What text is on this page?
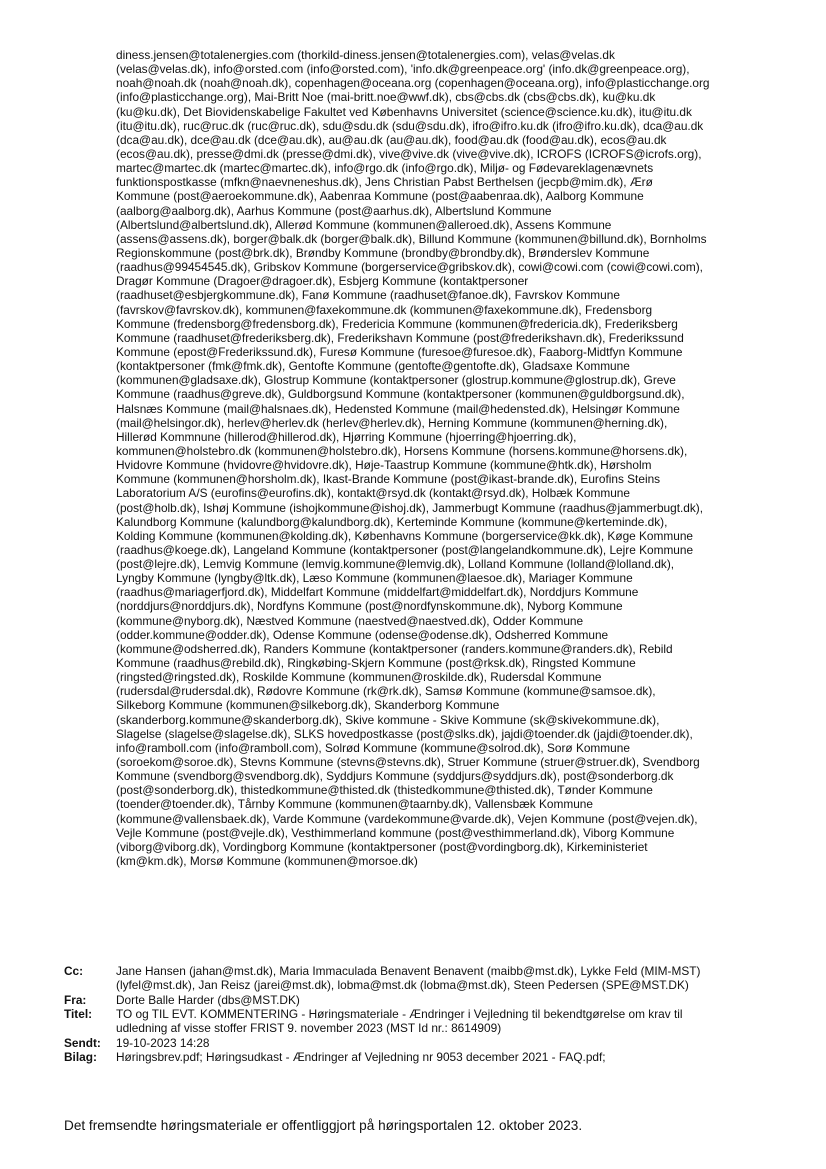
diness.jensen@totalenergies.com (thorkild-diness.jensen@totalenergies.com), velas@velas.dk
(velas@velas.dk), info@orsted.com (info@orsted.com), 'info.dk@greenpeace.org' (info.dk@greenpeace.org),
noah@noah.dk (noah@noah.dk), copenhagen@oceana.org (copenhagen@oceana.org), info@plasticchange.org
(info@plasticchange.org), Mai-Britt Noe (mai-britt.noe@wwf.dk), cbs@cbs.dk (cbs@cbs.dk), ku@ku.dk
(ku@ku.dk), Det Biovidenskabelige Fakultet ved Københavns Universitet (science@science.ku.dk), itu@itu.dk
(itu@itu.dk), ruc@ruc.dk (ruc@ruc.dk), sdu@sdu.dk (sdu@sdu.dk), ifro@ifro.ku.dk (ifro@ifro.ku.dk), dca@au.dk
(dca@au.dk), dce@au.dk (dce@au.dk), au@au.dk (au@au.dk), food@au.dk (food@au.dk), ecos@au.dk
(ecos@au.dk), presse@dmi.dk (presse@dmi.dk), vive@vive.dk (vive@vive.dk), ICROFS (ICROFS@icrofs.org),
martec@martec.dk (martec@martec.dk), info@rgo.dk (info@rgo.dk), Miljø- og Fødevareklagenævnets
funktionspostkasse (mfkn@naevneneshus.dk), Jens Christian Pabst Berthelsen (jecpb@mim.dk), Ærø
Kommune (post@aeroekommune.dk), Aabenraa Kommune (post@aabenraa.dk), Aalborg Kommune
(aalborg@aalborg.dk), Aarhus Kommune (post@aarhus.dk), Albertslund Kommune
(Albertslund@albertslund.dk), Allerød Kommune (kommunen@alleroed.dk), Assens Kommune
(assens@assens.dk), borger@balk.dk (borger@balk.dk), Billund Kommune (kommunen@billund.dk), Bornholms
Regionskommune (post@brk.dk), Brøndby Kommune (brondby@brondby.dk), Brønderslev Kommune
(raadhus@99454545.dk), Gribskov Kommune (borgerservice@gribskov.dk), cowi@cowi.com (cowi@cowi.com),
Dragør Kommune (Dragoer@dragoer.dk), Esbjerg Kommune (kontaktpersoner
(raadhuset@esbjergkommune.dk), Fanø Kommune (raadhuset@fanoe.dk), Favrskov Kommune
(favrskov@favrskov.dk), kommunen@faxekommune.dk (kommunen@faxekommune.dk), Fredensborg
Kommune (fredensborg@fredensborg.dk), Fredericia Kommune (kommunen@fredericia.dk), Frederiksberg
Kommune (raadhuset@frederiksberg.dk), Frederikshavn Kommune (post@frederikshavn.dk), Frederikssund
Kommune (epost@Frederikssund.dk), Furesø Kommune (furesoe@furesoe.dk), Faaborg-Midtfyn Kommune
(kontaktpersoner (fmk@fmk.dk), Gentofte Kommune (gentofte@gentofte.dk), Gladsaxe Kommune
(kommunen@gladsaxe.dk), Glostrup Kommune (kontaktpersoner (glostrup.kommune@glostrup.dk), Greve
Kommune (raadhus@greve.dk), Guldborgsund Kommune (kontaktpersoner (kommunen@guldborgsund.dk),
Halsnæs Kommune (mail@halsnaes.dk), Hedensted Kommune (mail@hedensted.dk), Helsingør Kommune
(mail@helsingor.dk), herlev@herlev.dk (herlev@herlev.dk), Herning Kommune (kommunen@herning.dk),
Hillerød Kommnune (hillerod@hillerod.dk), Hjørring Kommune (hjoerring@hjoerring.dk),
kommunen@holstebro.dk (kommunen@holstebro.dk), Horsens Kommune (horsens.kommune@horsens.dk),
Hvidovre Kommune (hvidovre@hvidovre.dk), Høje-Taastrup Kommune (kommune@htk.dk), Hørsholm
Kommune (kommunen@horsholm.dk), Ikast-Brande Kommune (post@ikast-brande.dk), Eurofins Steins
Laboratorium A/S (eurofins@eurofins.dk), kontakt@rsyd.dk (kontakt@rsyd.dk), Holbæk Kommune
(post@holb.dk), Ishøj Kommune (ishojkommune@ishoj.dk), Jammerbugt Kommune (raadhus@jammerbugt.dk),
Kalundborg Kommune (kalundborg@kalundborg.dk), Kerteminde Kommune (kommune@kerteminde.dk),
Kolding Kommune (kommunen@kolding.dk), Københavns Kommune (borgerservice@kk.dk), Køge Kommune
(raadhus@koege.dk), Langeland Kommune (kontaktpersoner (post@langelandkommune.dk), Lejre Kommune
(post@lejre.dk), Lemvig Kommune (lemvig.kommune@lemvig.dk), Lolland Kommune (lolland@lolland.dk),
Lyngby Kommune (lyngby@ltk.dk), Læso Kommune (kommunen@laesoe.dk), Mariager Kommune
(raadhus@mariagerfjord.dk), Middelfart Kommune (middelfart@middelfart.dk), Norddjurs Kommune
(norddjurs@norddjurs.dk), Nordfyns Kommune (post@nordfynskommune.dk), Nyborg Kommune
(kommune@nyborg.dk), Næstved Kommune (naestved@naestved.dk), Odder Kommune
(odder.kommune@odder.dk), Odense Kommune (odense@odense.dk), Odsherred Kommune
(kommune@odsherred.dk), Randers Kommune (kontaktpersoner (randers.kommune@randers.dk), Rebild
Kommune (raadhus@rebild.dk), Ringkøbing-Skjern Kommune (post@rksk.dk), Ringsted Kommune
(ringsted@ringsted.dk), Roskilde Kommune (kommunen@roskilde.dk), Rudersdal Kommune
(rudersdal@rudersdal.dk), Rødovre Kommune (rk@rk.dk), Samsø Kommune (kommune@samsoe.dk),
Silkeborg Kommune (kommunen@silkeborg.dk), Skanderborg Kommune
(skanderborg.kommune@skanderborg.dk), Skive kommune - Skive Kommune (sk@skivekommune.dk),
Slagelse (slagelse@slagelse.dk), SLKS hovedpostkasse (post@slks.dk), jajdi@toender.dk (jajdi@toender.dk),
info@ramboll.com (info@ramboll.com), Solrød Kommune (kommune@solrod.dk), Sorø Kommune
(soroekom@soroe.dk), Stevns Kommune (stevns@stevns.dk), Struer Kommune (struer@struer.dk), Svendborg
Kommune (svendborg@svendborg.dk), Syddjurs Kommune (syddjurs@syddjurs.dk), post@sonderborg.dk
(post@sonderborg.dk), thistedkommune@thisted.dk (thistedkommune@thisted.dk), Tønder Kommune
(toender@toender.dk), Tårnby Kommune (kommunen@taarnby.dk), Vallensbæk Kommune
(kommune@vallensbaek.dk), Varde Kommune (vardekommune@varde.dk), Vejen Kommune (post@vejen.dk),
Vejle Kommune (post@vejle.dk), Vesthimmerland kommune (post@vesthimmerland.dk), Viborg Kommune
(viborg@viborg.dk), Vordingborg Kommune (kontaktpersoner (post@vordingborg.dk), Kirkeministeriet
(km@km.dk), Morsø Kommune (kommunen@morsoe.dk)
Cc:	Jane Hansen (jahan@mst.dk), Maria Immaculada Benavent Benavent (maibb@mst.dk), Lykke Feld (MIM-MST)
(lyfel@mst.dk), Jan Reisz (jarei@mst.dk), lobma@mst.dk (lobma@mst.dk), Steen Pedersen (SPE@MST.DK)
Fra:	Dorte Balle Harder (dbs@MST.DK)
Titel: TO og TIL EVT. KOMMENTERING - Høringsmateriale - Ændringer i Vejledning til bekendtgørelse om krav til
udledning af visse stoffer FRIST 9. november 2023 (MST Id nr.: 8614909)
Sendt: 19-10-2023 14:28
Bilag: Høringsbrev.pdf; Høringsudkast - Ændringer af Vejledning nr 9053 december 2021 - FAQ.pdf;
Det fremsendte høringsmateriale er offentliggjort på høringsportalen 12. oktober 2023.
